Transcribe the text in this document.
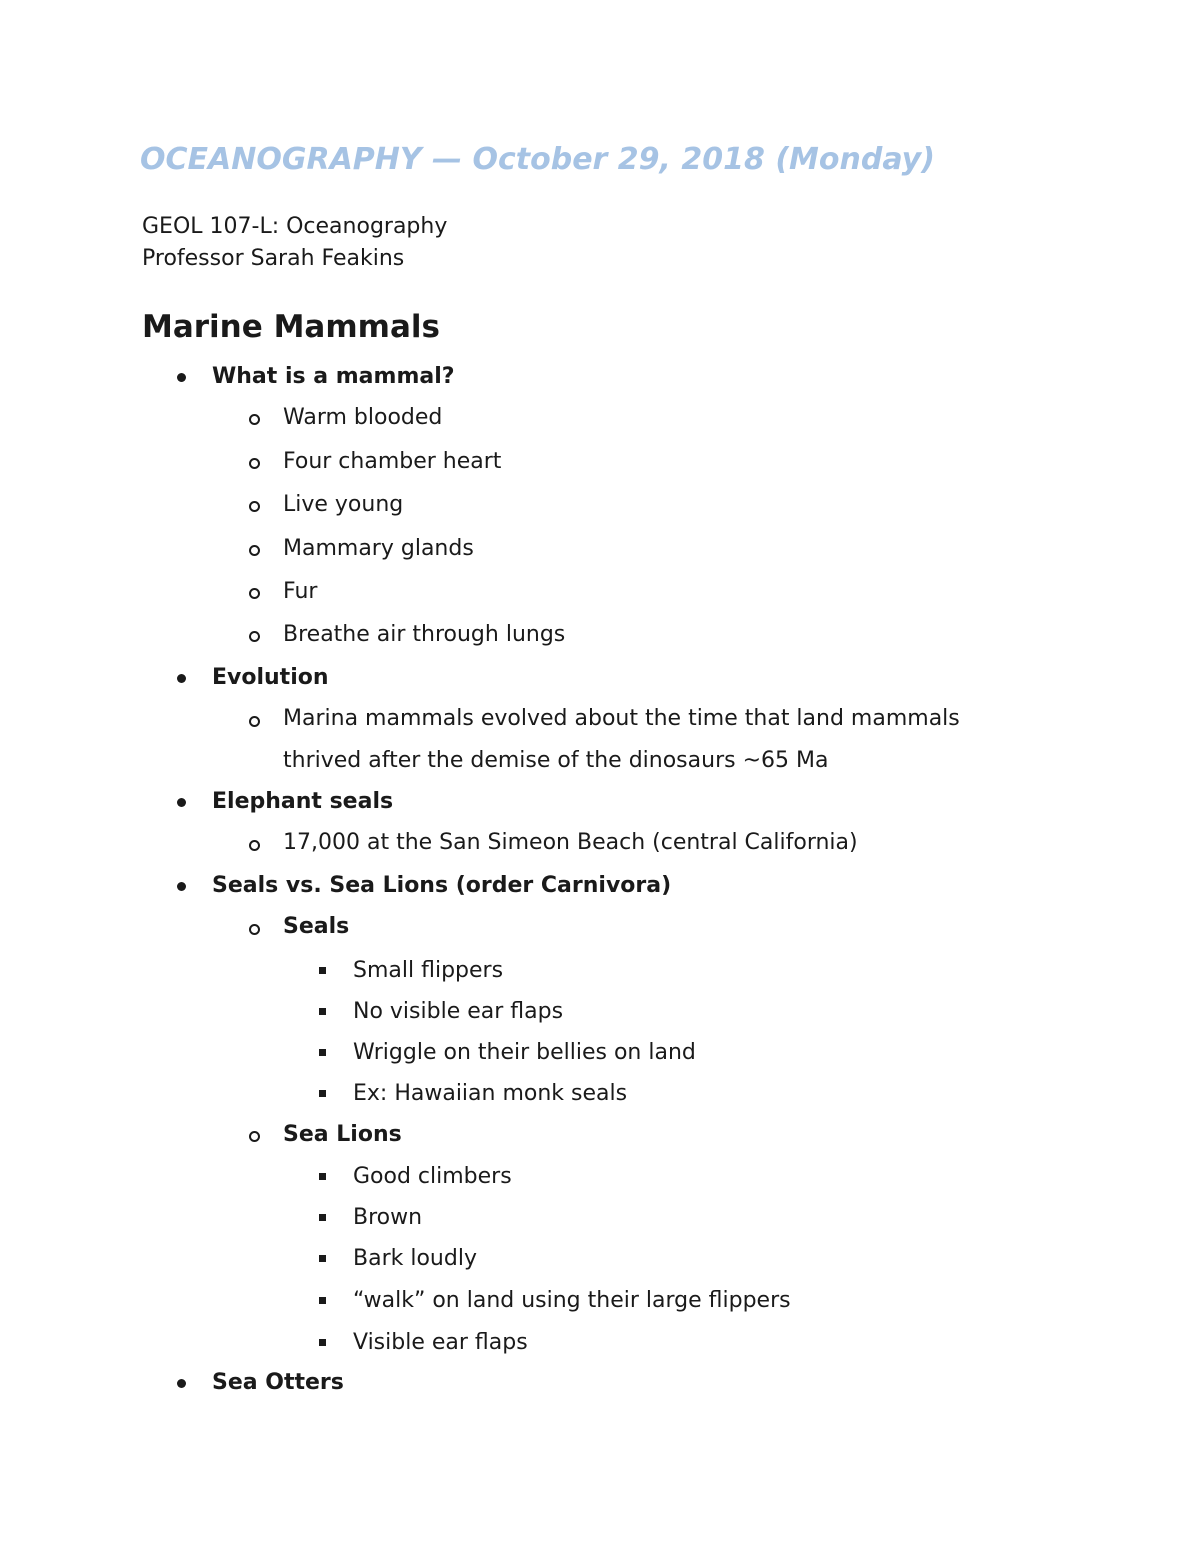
OCEANOGRAPHY — October 29, 2018 (Monday)
GEOL 107-L: Oceanography
Professor Sarah Feakins
Marine Mammals
What is a mammal?
Warm blooded
Four chamber heart
Live young
Mammary glands
Fur
Breathe air through lungs
Evolution
Marina mammals evolved about the time that land mammals
thrived after the demise of the dinosaurs ~65 Ma
Elephant seals
17,000 at the San Simeon Beach (central California)
Seals vs. Sea Lions (order Carnivora)
Seals
Small flippers
No visible ear flaps
Wriggle on their bellies on land
Ex: Hawaiian monk seals
Sea Lions
Good climbers
Brown
Bark loudly
“walk” on land using their large flippers
Visible ear flaps
Sea Otters
